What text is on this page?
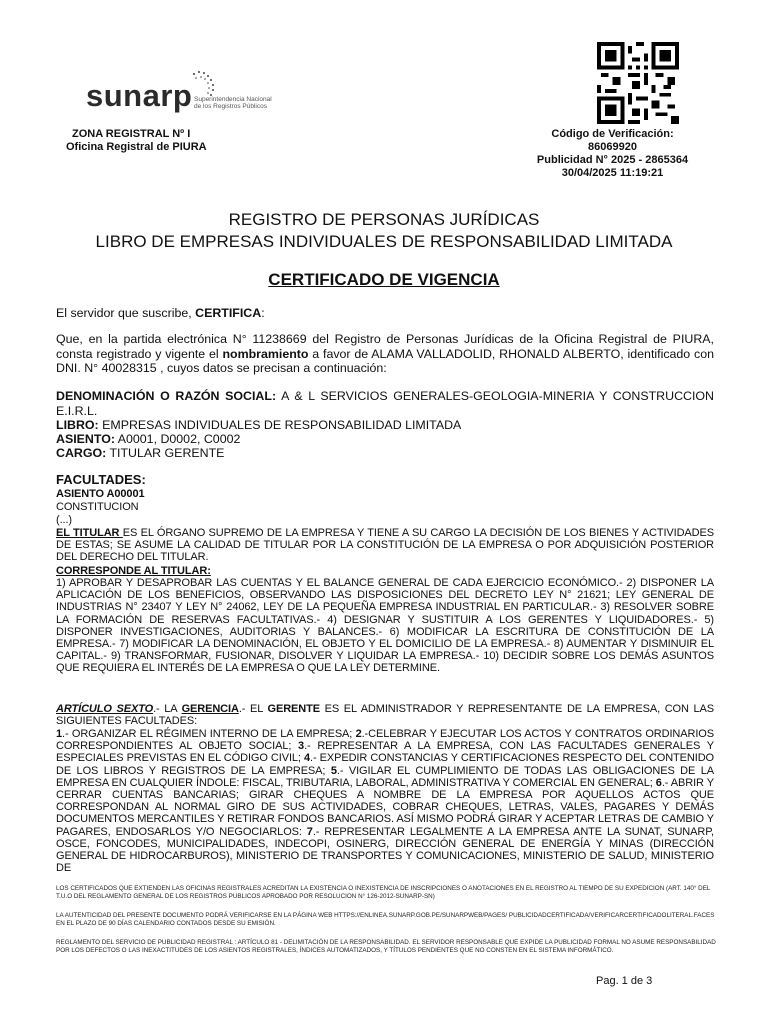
sunarp Superintendencia Nacional de los Registros Públicos
ZONA REGISTRAL Nº I
Oficina Registral de PIURA
Código de Verificación:
86069920
Publicidad N° 2025 - 2865364
30/04/2025 11:19:21
REGISTRO DE PERSONAS JURÍDICAS
LIBRO DE EMPRESAS INDIVIDUALES DE RESPONSABILIDAD LIMITADA
CERTIFICADO DE VIGENCIA
El servidor que suscribe, CERTIFICA:
Que, en la partida electrónica N° 11238669 del Registro de Personas Jurídicas de la Oficina Registral de PIURA, consta registrado y vigente el nombramiento a favor de ALAMA VALLADOLID, RHONALD ALBERTO, identificado con DNI. N° 40028315 , cuyos datos se precisan a continuación:
DENOMINACIÓN O RAZÓN SOCIAL: A & L SERVICIOS GENERALES-GEOLOGIA-MINERIA Y CONSTRUCCION E.I.R.L.
LIBRO: EMPRESAS INDIVIDUALES DE RESPONSABILIDAD LIMITADA
ASIENTO: A0001, D0002, C0002
CARGO: TITULAR GERENTE
FACULTADES:
ASIENTO A00001
CONSTITUCION
(...)
EL TITULAR ES EL ÓRGANO SUPREMO DE LA EMPRESA Y TIENE A SU CARGO LA DECISIÓN DE LOS BIENES Y ACTIVIDADES DE ESTAS; SE ASUME LA CALIDAD DE TITULAR POR LA CONSTITUCIÓN DE LA EMPRESA O POR ADQUISICIÓN POSTERIOR DEL DERECHO DEL TITULAR.
CORRESPONDE AL TITULAR:
1) APROBAR Y DESAPROBAR LAS CUENTAS Y EL BALANCE GENERAL DE CADA EJERCICIO ECONÓMICO.- 2) DISPONER LA APLICACIÓN DE LOS BENEFICIOS, OBSERVANDO LAS DISPOSICIONES DEL DECRETO LEY N° 21621; LEY GENERAL DE INDUSTRIAS N° 23407 Y LEY N° 24062, LEY DE LA PEQUEÑA EMPRESA INDUSTRIAL EN PARTICULAR.- 3) RESOLVER SOBRE LA FORMACIÓN DE RESERVAS FACULTATIVAS.- 4) DESIGNAR Y SUSTITUIR A LOS GERENTES Y LIQUIDADORES.- 5) DISPONER INVESTIGACIONES, AUDITORIAS Y BALANCES.- 6) MODIFICAR LA ESCRITURA DE CONSTITUCIÓN DE LA EMPRESA.- 7) MODIFICAR LA DENOMINACIÓN, EL OBJETO Y EL DOMICILIO DE LA EMPRESA.- 8) AUMENTAR Y DISMINUIR EL CAPITAL.- 9) TRANSFORMAR, FUSIONAR, DISOLVER Y LIQUIDAR LA EMPRESA.- 10) DECIDIR SOBRE LOS DEMÁS ASUNTOS QUE REQUIERA EL INTERÉS DE LA EMPRESA O QUE LA LEY DETERMINE.
ARTÍCULO SEXTO.- LA GERENCIA.- EL GERENTE ES EL ADMINISTRADOR Y REPRESENTANTE DE LA EMPRESA, CON LAS SIGUIENTES FACULTADES:
1.- ORGANIZAR EL RÉGIMEN INTERNO DE LA EMPRESA; 2.-CELEBRAR Y EJECUTAR LOS ACTOS Y CONTRATOS ORDINARIOS CORRESPONDIENTES AL OBJETO SOCIAL; 3.- REPRESENTAR A LA EMPRESA, CON LAS FACULTADES GENERALES Y ESPECIALES PREVISTAS EN EL CÓDIGO CIVIL; 4.- EXPEDIR CONSTANCIAS Y CERTIFICACIONES RESPECTO DEL CONTENIDO DE LOS LIBROS Y REGISTROS DE LA EMPRESA; 5.- VIGILAR EL CUMPLIMIENTO DE TODAS LAS OBLIGACIONES DE LA EMPRESA EN CUALQUIER ÍNDOLE: FISCAL, TRIBUTARIA, LABORAL, ADMINISTRATIVA Y COMERCIAL EN GENERAL; 6.- ABRIR Y CERRAR CUENTAS BANCARIAS; GIRAR CHEQUES A NOMBRE DE LA EMPRESA POR AQUELLOS ACTOS QUE CORRESPONDAN AL NORMAL GIRO DE SUS ACTIVIDADES, COBRAR CHEQUES, LETRAS, VALES, PAGARES Y DEMÁS DOCUMENTOS MERCANTILES Y RETIRAR FONDOS BANCARIOS. ASÍ MISMO PODRÁ GIRAR Y ACEPTAR LETRAS DE CAMBIO Y PAGARES, ENDOSARLOS Y/O NEGOCIARLOS: 7.- REPRESENTAR LEGALMENTE A LA EMPRESA ANTE LA SUNAT, SUNARP, OSCE, FONCODES, MUNICIPALIDADES, INDECOPI, OSINERG, DIRECCIÓN GENERAL DE ENERGÍA Y MINAS (DIRECCIÓN GENERAL DE HIDROCARBUROS), MINISTERIO DE TRANSPORTES Y COMUNICACIONES, MINISTERIO DE SALUD, MINISTERIO DE
LOS CERTIFICADOS QUE EXTIENDEN LAS OFICINAS REGISTRALES ACREDITAN LA EXISTENCIA O INEXISTENCIA DE INSCRIPCIONES O ANOTACIONES EN EL REGISTRO AL TIEMPO DE SU EXPEDICION (ART. 140° DEL T.U.O DEL REGLAMENTO GENERAL DE LOS REGISTROS PUBLICOS APROBADO POR RESOLUCION N° 126-2012-SUNARP-SN)
LA AUTENTICIDAD DEL PRESENTE DOCUMENTO PODRÁ VERIFICARSE EN LA PÁGINA WEB HTTPS://ENLINEA.SUNARP.GOB.PE/SUNARPWEB/PAGES/ PUBLICIDADCERTIFICADA/VERIFICARCERTIFICADOLITERAL.FACES EN EL PLAZO DE 90 DÍAS CALENDARIO CONTADOS DESDE SU EMISIÓN.
REGLAMENTO DEL SERVICIO DE PUBLICIDAD REGISTRAL : ARTÍCULO 81 - DELIMITACIÓN DE LA RESPONSABILIDAD. EL SERVIDOR RESPONSABLE QUE EXPIDE LA PUBLICIDAD FORMAL NO ASUME RESPONSABILIDAD POR LOS DEFECTOS O LAS INEXACTITUDES DE LOS ASIENTOS REGISTRALES, ÍNDICES AUTOMATIZADOS, Y TÍTULOS PENDIENTES QUE NO CONSTEN EN EL SISTEMA INFORMÁTICO.
Pag. 1 de 3
